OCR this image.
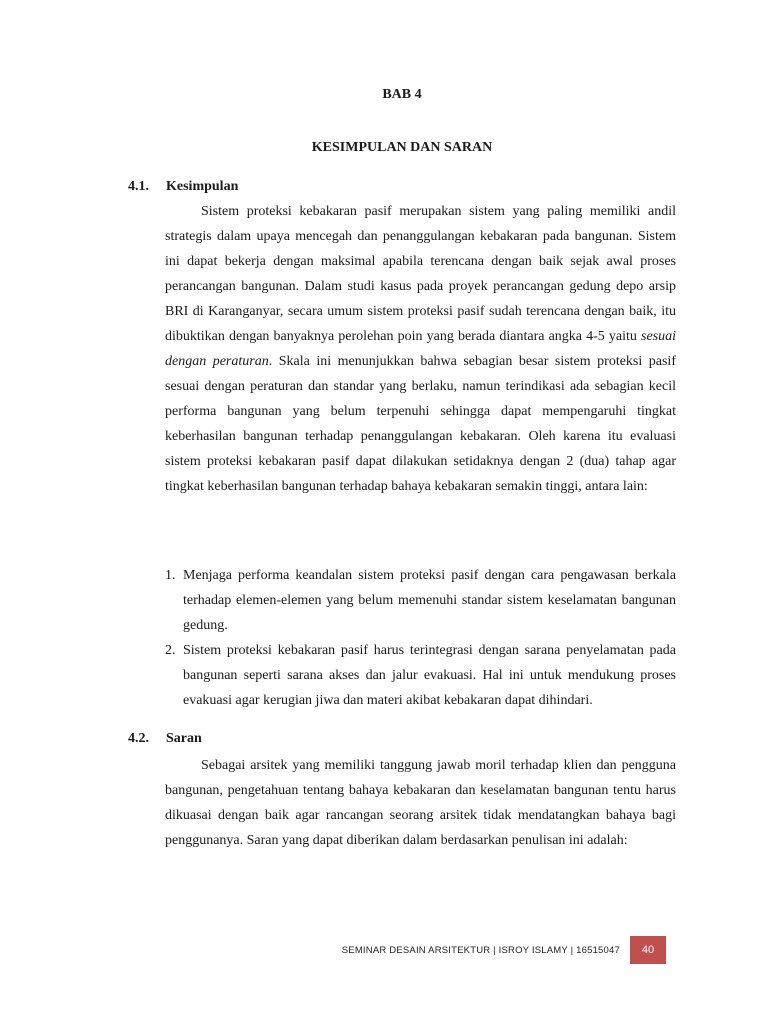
BAB 4
KESIMPULAN DAN SARAN
4.1.	Kesimpulan

Sistem proteksi kebakaran pasif merupakan sistem yang paling memiliki andil strategis dalam upaya mencegah dan penanggulangan kebakaran pada bangunan. Sistem ini dapat bekerja dengan maksimal apabila terencana dengan baik sejak awal proses perancangan bangunan. Dalam studi kasus pada proyek perancangan gedung depo arsip BRI di Karanganyar, secara umum sistem proteksi pasif sudah terencana dengan baik, itu dibuktikan dengan banyaknya perolehan poin yang berada diantara angka 4-5 yaitu sesuai dengan peraturan. Skala ini menunjukkan bahwa sebagian besar sistem proteksi pasif sesuai dengan peraturan dan standar yang berlaku, namun terindikasi ada sebagian kecil performa bangunan yang belum terpenuhi sehingga dapat mempengaruhi tingkat keberhasilan bangunan terhadap penanggulangan kebakaran. Oleh karena itu evaluasi sistem proteksi kebakaran pasif dapat dilakukan setidaknya dengan 2 (dua) tahap agar tingkat keberhasilan bangunan terhadap bahaya kebakaran semakin tinggi, antara lain:

1. Menjaga performa keandalan sistem proteksi pasif dengan cara pengawasan berkala terhadap elemen-elemen yang belum memenuhi standar sistem keselamatan bangunan gedung.
2. Sistem proteksi kebakaran pasif harus terintegrasi dengan sarana penyelamatan pada bangunan seperti sarana akses dan jalur evakuasi. Hal ini untuk mendukung proses evakuasi agar kerugian jiwa dan materi akibat kebakaran dapat dihindari.
4.2.	Saran

Sebagai arsitek yang memiliki tanggung jawab moril terhadap klien dan pengguna bangunan, pengetahuan tentang bahaya kebakaran dan keselamatan bangunan tentu harus dikuasai dengan baik agar rancangan seorang arsitek tidak mendatangkan bahaya bagi penggunanya. Saran yang dapat diberikan dalam berdasarkan penulisan ini adalah:

SEMINAR DESAIN ARSITEKTUR | ISROY ISLAMY | 16515047	40
